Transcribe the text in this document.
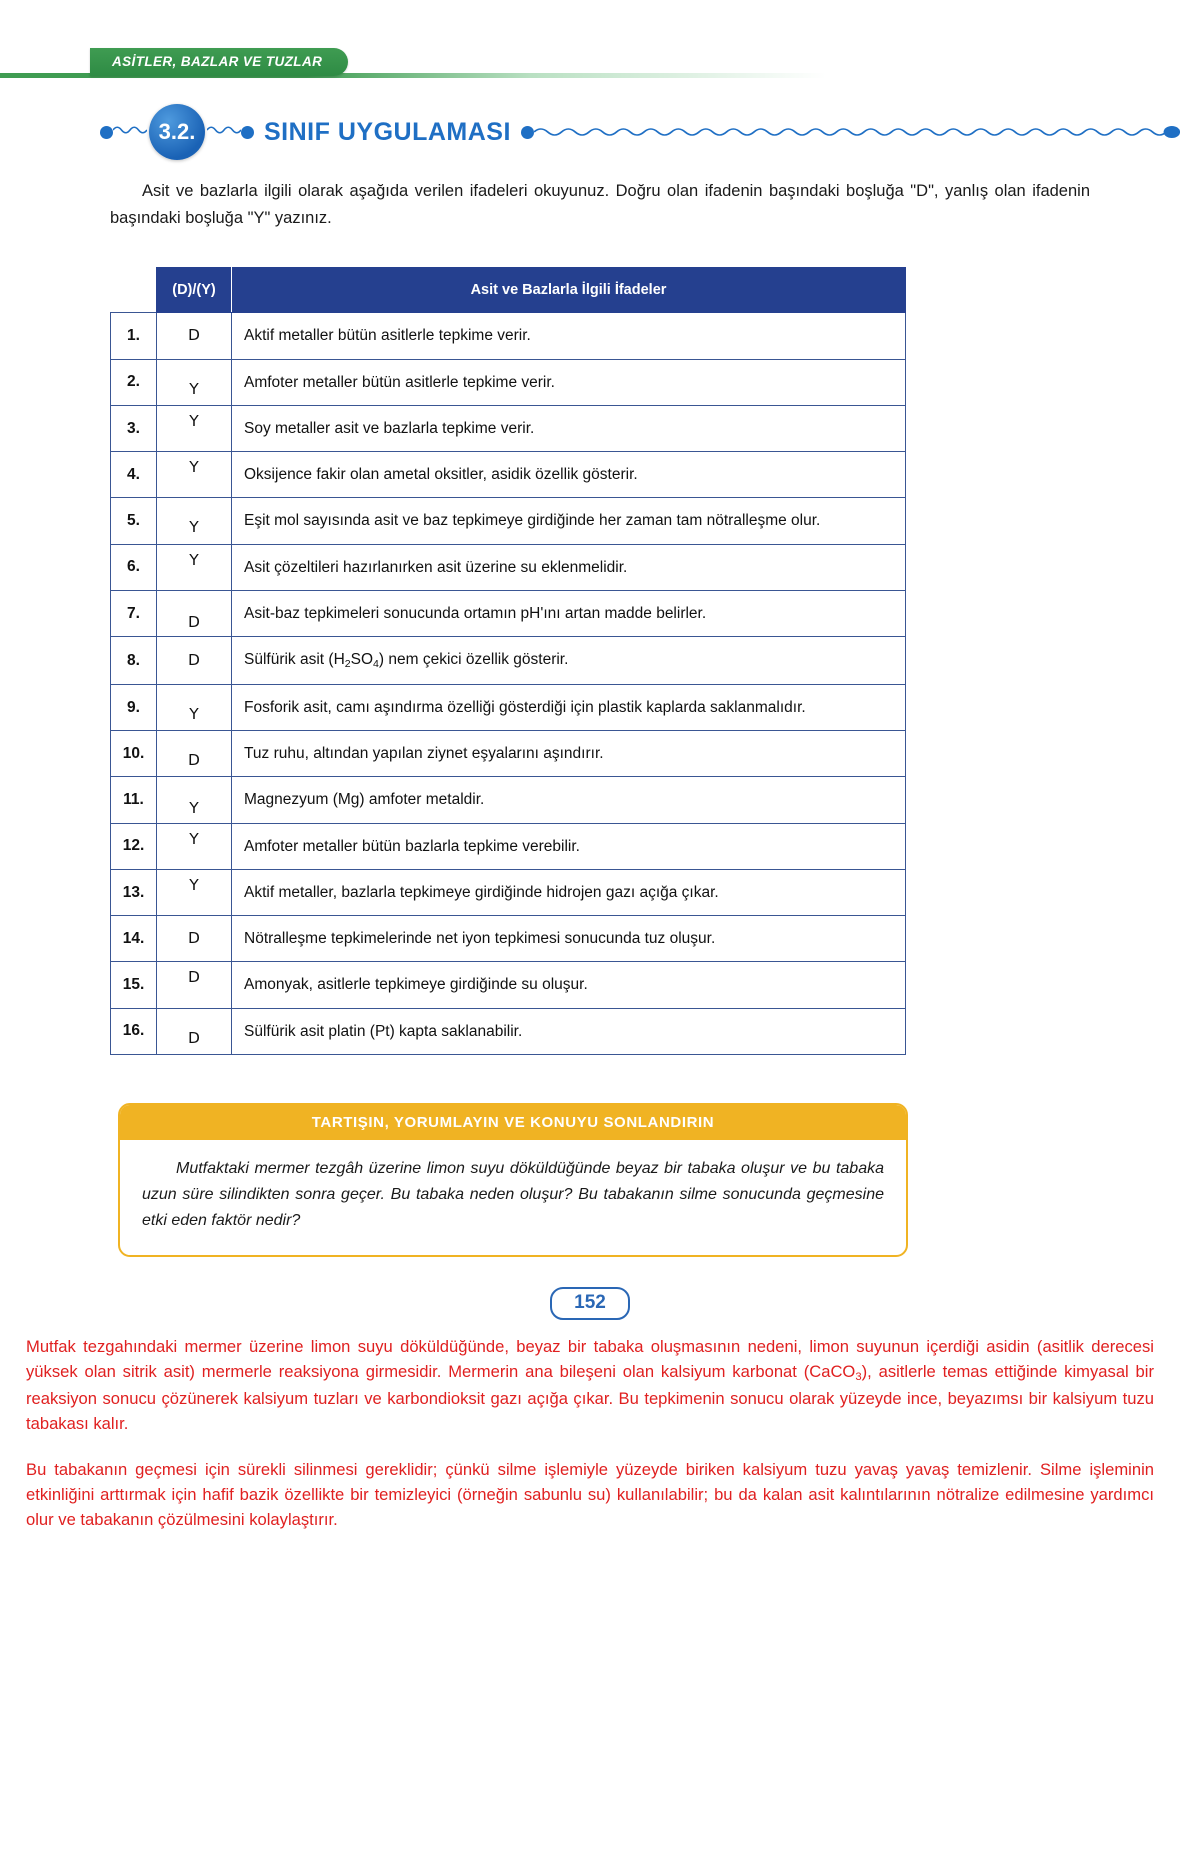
ASİTLER, BAZLAR VE TUZLAR
3.2.	SINIF UYGULAMASI
Asit ve bazlarla ilgili olarak aşağıda verilen ifadeleri okuyunuz. Doğru olan ifadenin başındaki boşluğa "D", yanlış olan ifadenin başındaki boşluğa "Y" yazınız.
	(D)/(Y)	Asit ve Bazlarla İlgili İfadeler
1.	D	Aktif metaller bütün asitlerle tepkime verir.
2.	Y	Amfoter metaller bütün asitlerle tepkime verir.
3.	Y	Soy metaller asit ve bazlarla tepkime verir.
4.	Y	Oksijence fakir olan ametal oksitler, asidik özellik gösterir.
5.	Y	Eşit mol sayısında asit ve baz tepkimeye girdiğinde her zaman tam nötralleşme olur.
6.	Y	Asit çözeltileri hazırlanırken asit üzerine su eklenmelidir.
7.	D	Asit-baz tepkimeleri sonucunda ortamın pH'ını artan madde belirler.
8.	D	Sülfürik asit $(H_2SO_4)$ nem çekici özellik gösterir.
9.	Y	Fosforik asit, camı aşındırma özelliği gösterdiği için plastik kaplarda saklanmalıdır.
10.	D	Tuz ruhu, altından yapılan ziynet eşyalarını aşındırır.
11.	Y	Magnezyum (Mg) amfoter metaldir.
12.	Y	Amfoter metaller bütün bazlarla tepkime verebilir.
13.	Y	Aktif metaller, bazlarla tepkimeye girdiğinde hidrojen gazı açığa çıkar.
14.	D	Nötralleşme tepkimelerinde net iyon tepkimesi sonucunda tuz oluşur.
15.	D	Amonyak, asitlerle tepkimeye girdiğinde su oluşur.
16.	D	Sülfürik asit platin (Pt) kapta saklanabilir.
TARTIŞIN, YORUMLAYIN VE KONUYU SONLANDIRIN
Mutfaktaki mermer tezgâh üzerine limon suyu döküldüğünde beyaz bir tabaka oluşur ve bu tabaka uzun süre silindikten sonra geçer. Bu tabaka neden oluşur? Bu tabakanın silme sonucunda geçmesine etki eden faktör nedir?
152

Mutfak tezgahındaki mermer üzerine limon suyu döküldüğünde, beyaz bir tabaka oluşmasının nedeni, limon suyunun içerdiği asidin (asitlik derecesi yüksek olan sitrik asit) mermerle reaksiyona girmesidir. Mermerin ana bileşeni olan kalsiyum karbonat (CaCO$_3$), asitlerle temas ettiğinde kimyasal bir reaksiyon sonucu çözünerek kalsiyum tuzları ve karbondioksit gazı açığa çıkar. Bu tepkimenin sonucu olarak yüzeyde ince, beyazımsı bir kalsiyum tuzu tabakası kalır.

Bu tabakanın geçmesi için sürekli silinmesi gereklidir; çünkü silme işlemiyle yüzeyde biriken kalsiyum tuzu yavaş yavaş temizlenir. Silme işleminin etkinliğini arttırmak için hafif bazik özellikte bir temizleyici (örneğin sabunlu su) kullanılabilir; bu da kalan asit kalıntılarının nötralize edilmesine yardımcı olur ve tabakanın çözülmesini kolaylaştırır.
